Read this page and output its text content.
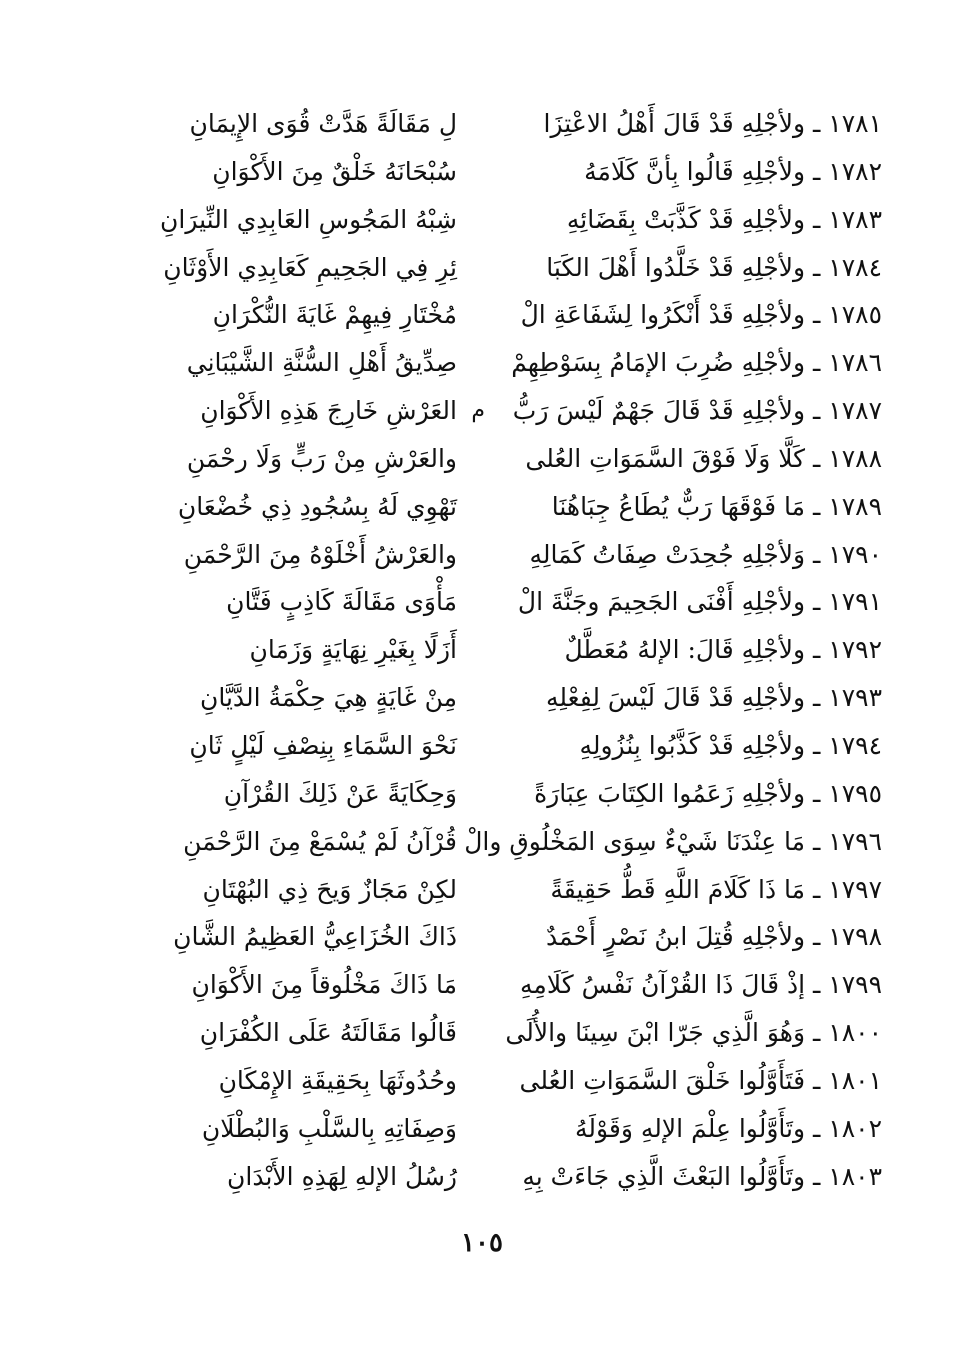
١٧٨١ ـ ولأجْلِهِ قَدْ قَالَ أَهْلُ الاعْتِزَا
لِ مَقَالَةً هَدَّتْ قُوَى الإِيمَانِ
١٧٨٢ ـ ولأجْلِهِ قَالُوا بِأنَّ كَلَامَهُ
سُبْحَانَهُ خَلْقٌ مِنَ الأَكْوَانِ
١٧٨٣ ـ ولأجْلِهِ قَدْ كَذَّبَتْ بِقَضَائِهِ
شِبْهُ المَجُوسِ العَابِدِي النِّيرَانِ
١٧٨٤ ـ ولأجْلِهِ قَدْ خَلَّدُوا أَهْلَ الكَبَا
ئِرِ فِي الجَحِيمِ كَعَابِدِي الأَوْثَانِ
١٧٨٥ ـ ولأجْلِهِ قَدْ أَنْكَرُوا لِشَفَاعَةِ الْ
مُخْتَارِ فِيهِمْ غَايَةَ النُّكْرَانِ
١٧٨٦ ـ ولأجْلِهِ ضُرِبَ الإمَامُ بِسَوْطِهِمْ
صِدِّيقُ أَهْلِ السُّنَّةِ الشَّيْبَانِي
١٧٨٧ ـ ولأجْلِهِ قَدْ قَالَ جَهْمٌ لَيْسَ رَبُّ
العَرْشِ خَارِجَ هَذِهِ الأَكْوَانِ م
١٧٨٨ ـ كَلَّا وَلَا فَوْقَ السَّمَوَاتِ العُلى
والعَرْشِ مِنْ رَبٍّ وَلَا رحْمَنِ
١٧٨٩ ـ مَا فَوْقَهَا رَبٌّ يُطَاعُ جِبَاهُنَا
تَهْوِي لَهُ بِسُجُودِ ذِي خُضْعَانِ
١٧٩٠ ـ وَلأجْلِهِ جُحِدَتْ صِفَاتُ كَمَالِهِ
والعَرْشُ أَخْلَوْهُ مِنَ الرَّحْمَنِ
١٧٩١ ـ ولأجْلِهِ أَفْنَى الجَحِيمَ وجَنَّةَ الْ
مَأْوَى مَقَالَةَ كَاذِبٍ فَتَّانِ
١٧٩٢ ـ ولأجْلِهِ قَالَ: الإلهُ مُعَطَّلٌ
أَزَلًا بِغَيْرِ نِهَايَةٍ وَزَمَانِ
١٧٩٣ ـ ولأجْلِهِ قَدْ قَالَ لَيْسَ لِفِعْلِهِ
مِنْ غَايَةٍ هِيَ حِكْمَةُ الدَّيَّانِ
١٧٩٤ ـ ولأجْلِهِ قَدْ كَذَّبُوا بِنُزُولِهِ
نَحْوَ السَّمَاءِ بِنِصْفِ لَيْلٍ ثَانِ
١٧٩٥ ـ ولأجْلِهِ زَعَمُوا الكِتَابَ عِبَارَةً
وَحِكَايَةً عَنْ ذَلِكَ القُرْآنِ
١٧٩٦ ـ مَا عِنْدَنَا شَيْءٌ سِوَى المَخْلُوقِ والْ
قُرْآنُ لَمْ يُسْمَعْ مِنَ الرَّحْمَنِ
١٧٩٧ ـ مَا ذَا كَلَامَ اللَّهِ قَطُّ حَقِيقَةً
لكِنْ مَجَازٌ وَيحَ ذِي البُهْتَانِ
١٧٩٨ ـ ولأجْلِهِ قُتِلَ ابنُ نَصْرٍ أَحْمَدٌ
ذَاكَ الخُزَاعِيُّ العَظِيمُ الشَّانِ
١٧٩٩ ـ إذْ قَالَ ذَا القُرْآنُ نَفْسُ كَلَامِهِ
مَا ذَاكَ مَخْلُوقاً مِنَ الأَكْوَانِ
١٨٠٠ ـ وَهُوَ الَّذِي جَرّا ابْنَ سِينَا والأُلَى
قَالُوا مَقَالَتَهُ عَلَى الكُفْرَانِ
١٨٠١ ـ فَتَأَوَّلُوا خَلْقَ السَّمَوَاتِ العُلى
وحُدُوثَهَا بِحَقِيقَةِ الإِمْكَانِ
١٨٠٢ ـ وتَأَوَّلُوا عِلْمَ الإلهِ وَقَوْلَهُ
وَصِفَاتِهِ بِالسَّلْبِ وَالبُطْلَانِ
١٨٠٣ ـ وتَأَوَّلُوا البَعْثَ الَّذِي جَاءَتْ بِهِ
رُسُلُ الإلهِ لِهَذِهِ الأَبْدَانِ
١٠٥
